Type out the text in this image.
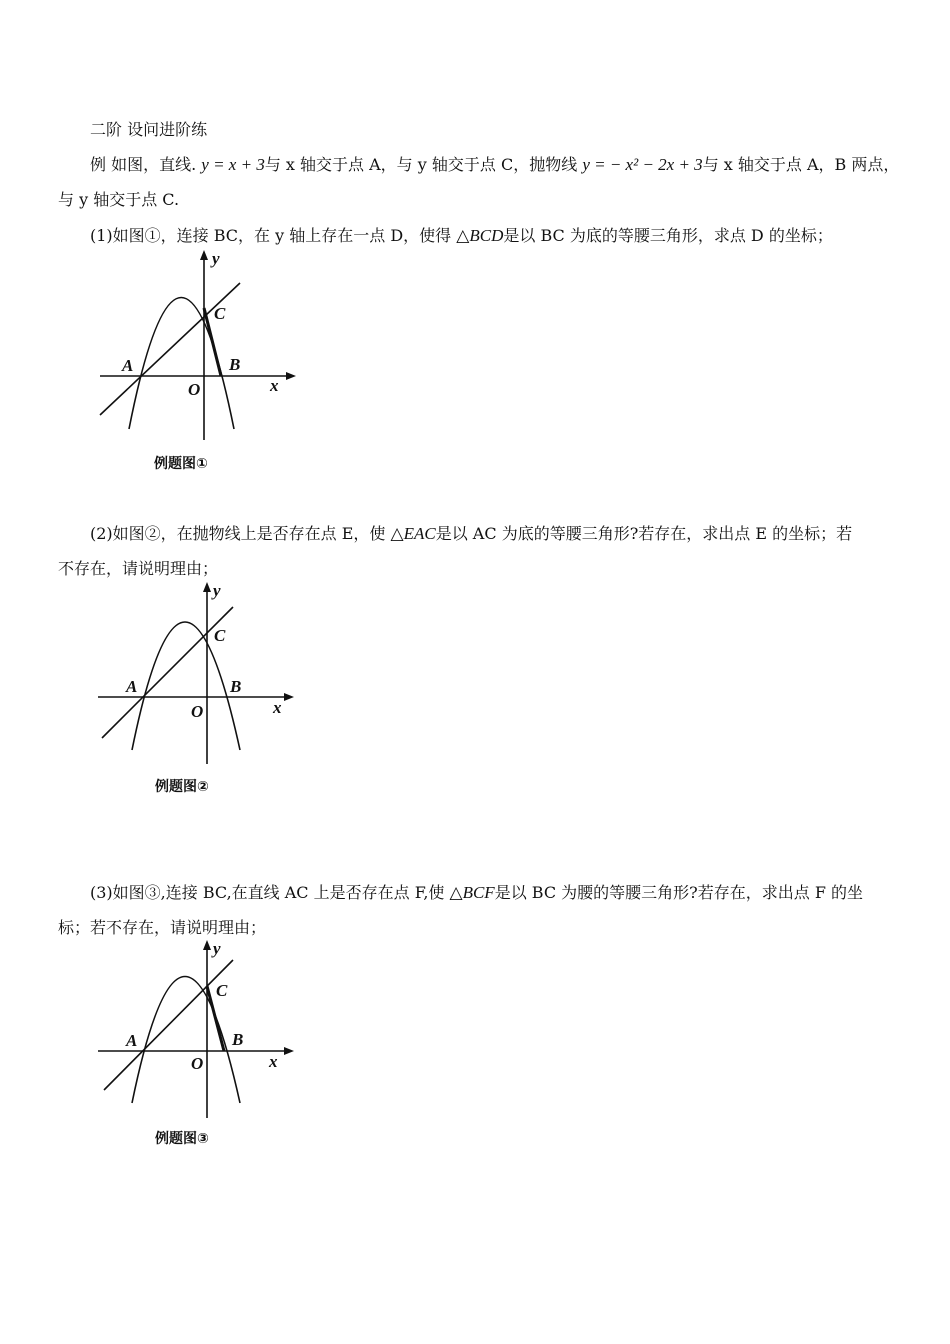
二阶 设问进阶练
例 如图，直线. y = x + 3与 x 轴交于点 A，与 y 轴交于点 C，抛物线 y = − x² − 2x + 3与 x 轴交于点 A，B 两点，
与 y 轴交于点 C.
(1)如图①，连接 BC，在 y 轴上存在一点 D，使得 △BCD是以 BC 为底的等腰三角形，求点 D 的坐标；
y
x
A	B
C
O
例题图①
(2)如图②，在抛物线上是否存在点 E，使 △EAC是以 AC 为底的等腰三角形?若存在，求出点 E 的坐标；若
不存在，请说明理由；
y
x
A	B
C
O
例题图②
(3)如图③,连接 BC,在直线 AC 上是否存在点 F,使 △BCF是以 BC 为腰的等腰三角形?若存在，求出点 F 的坐
标；若不存在，请说明理由；
y
x
A	B
C
O
例题图③
